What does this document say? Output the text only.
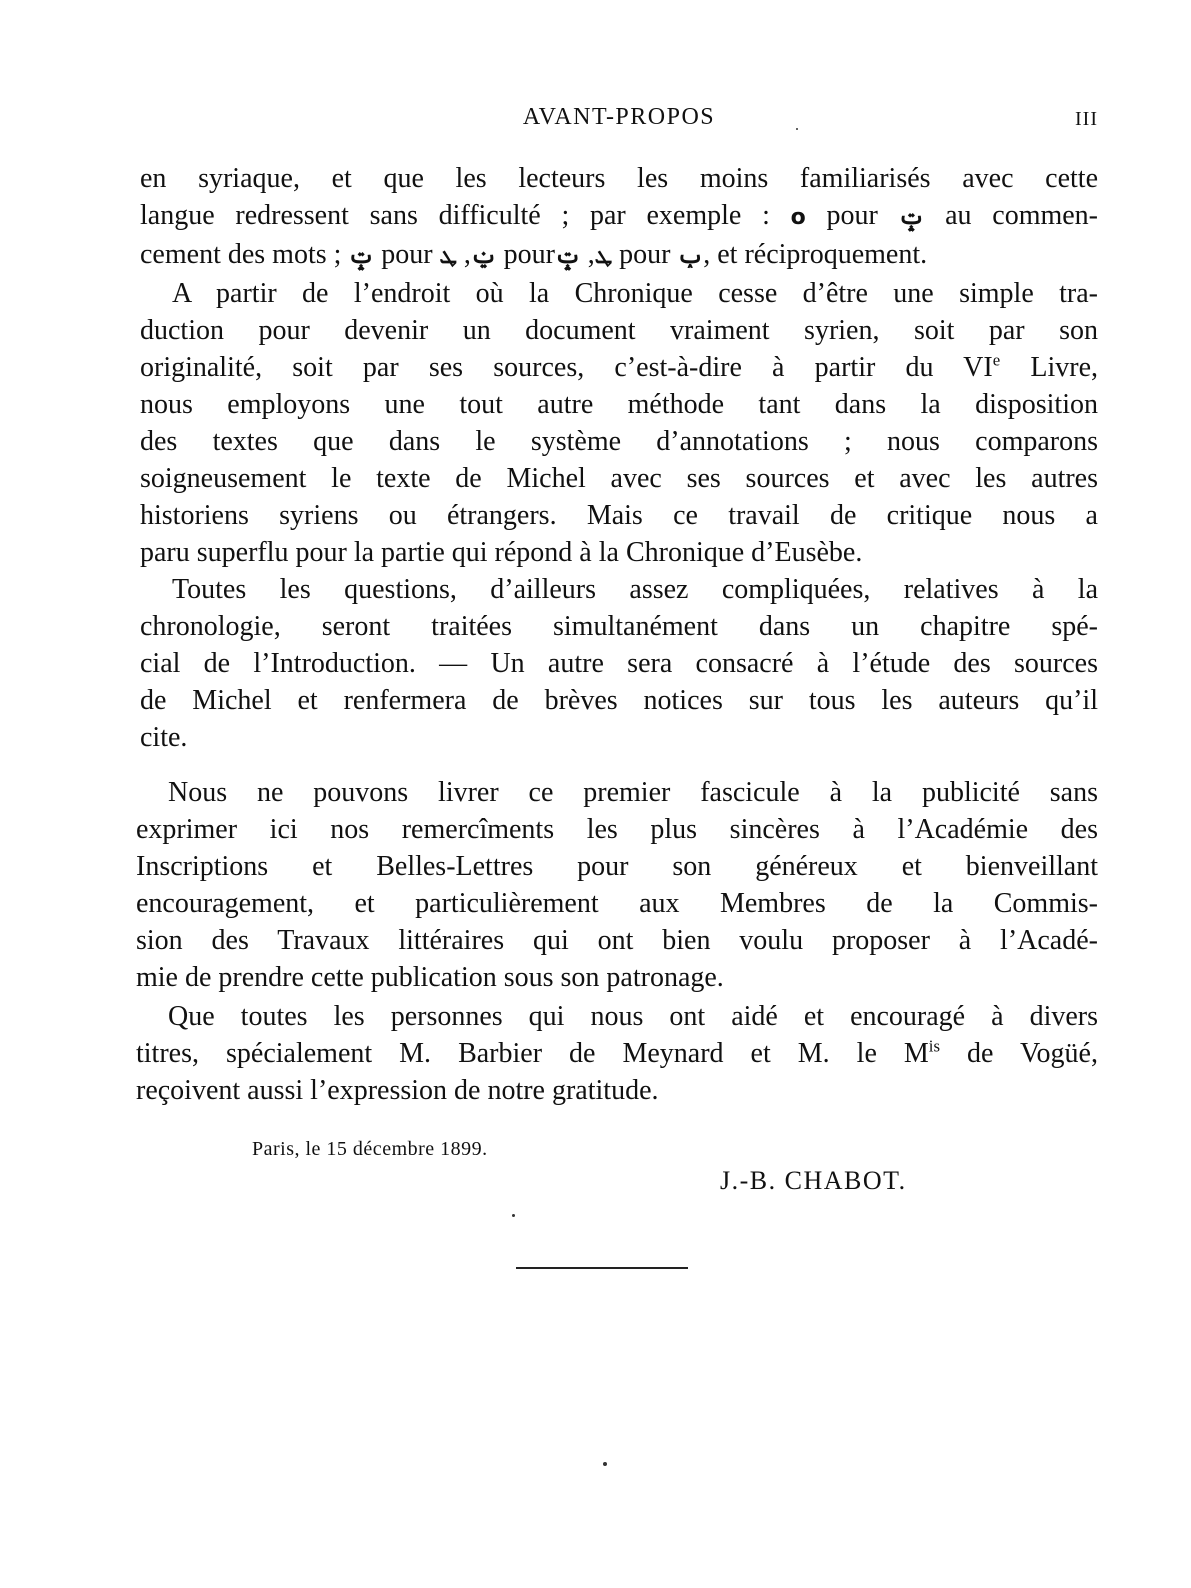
AVANT-PROPOS	III

en syriaque, et que les lecteurs les moins familiarisés avec cette

langue redressent sans difficulté ; par exemple : o pour ݓ au commen-

cement des mots ; ݓ pour ݔ, ܛ pour ܛ, ݓ pour ݕ, et réciproquement.

A partir de l’endroit où la Chronique cesse d’être une simple tra-

duction pour devenir un document vraiment syrien, soit par son

originalité, soit par ses sources, c’est-à-dire à partir du VIe Livre,

nous employons une tout autre méthode tant dans la disposition

des textes que dans le système d’annotations ; nous comparons

soigneusement le texte de Michel avec ses sources et avec les autres

historiens syriens ou étrangers. Mais ce travail de critique nous a

paru superflu pour la partie qui répond à la Chronique d’Eusèbe.

Toutes les questions, d’ailleurs assez compliquées, relatives à la

chronologie, seront traitées simultanément dans un chapitre spé-

cial de l’Introduction. — Un autre sera consacré à l’étude des sources

de Michel et renfermera de brèves notices sur tous les auteurs qu’il

cite.

Nous ne pouvons livrer ce premier fascicule à la publicité sans

exprimer ici nos remercîments les plus sincères à l’Académie des

Inscriptions et Belles-Lettres pour son généreux et bienveillant

encouragement, et particulièrement aux Membres de la Commis-

sion des Travaux littéraires qui ont bien voulu proposer à l’Acadé-

mie de prendre cette publication sous son patronage.

Que toutes les personnes qui nous ont aidé et encouragé à divers

titres, spécialement M. Barbier de Meynard et M. le $M^{is}$ de Vogüé,

reçoivent aussi l’expression de notre gratitude.

Paris, le 15 décembre 1899.
J.-B. CHABOT.
